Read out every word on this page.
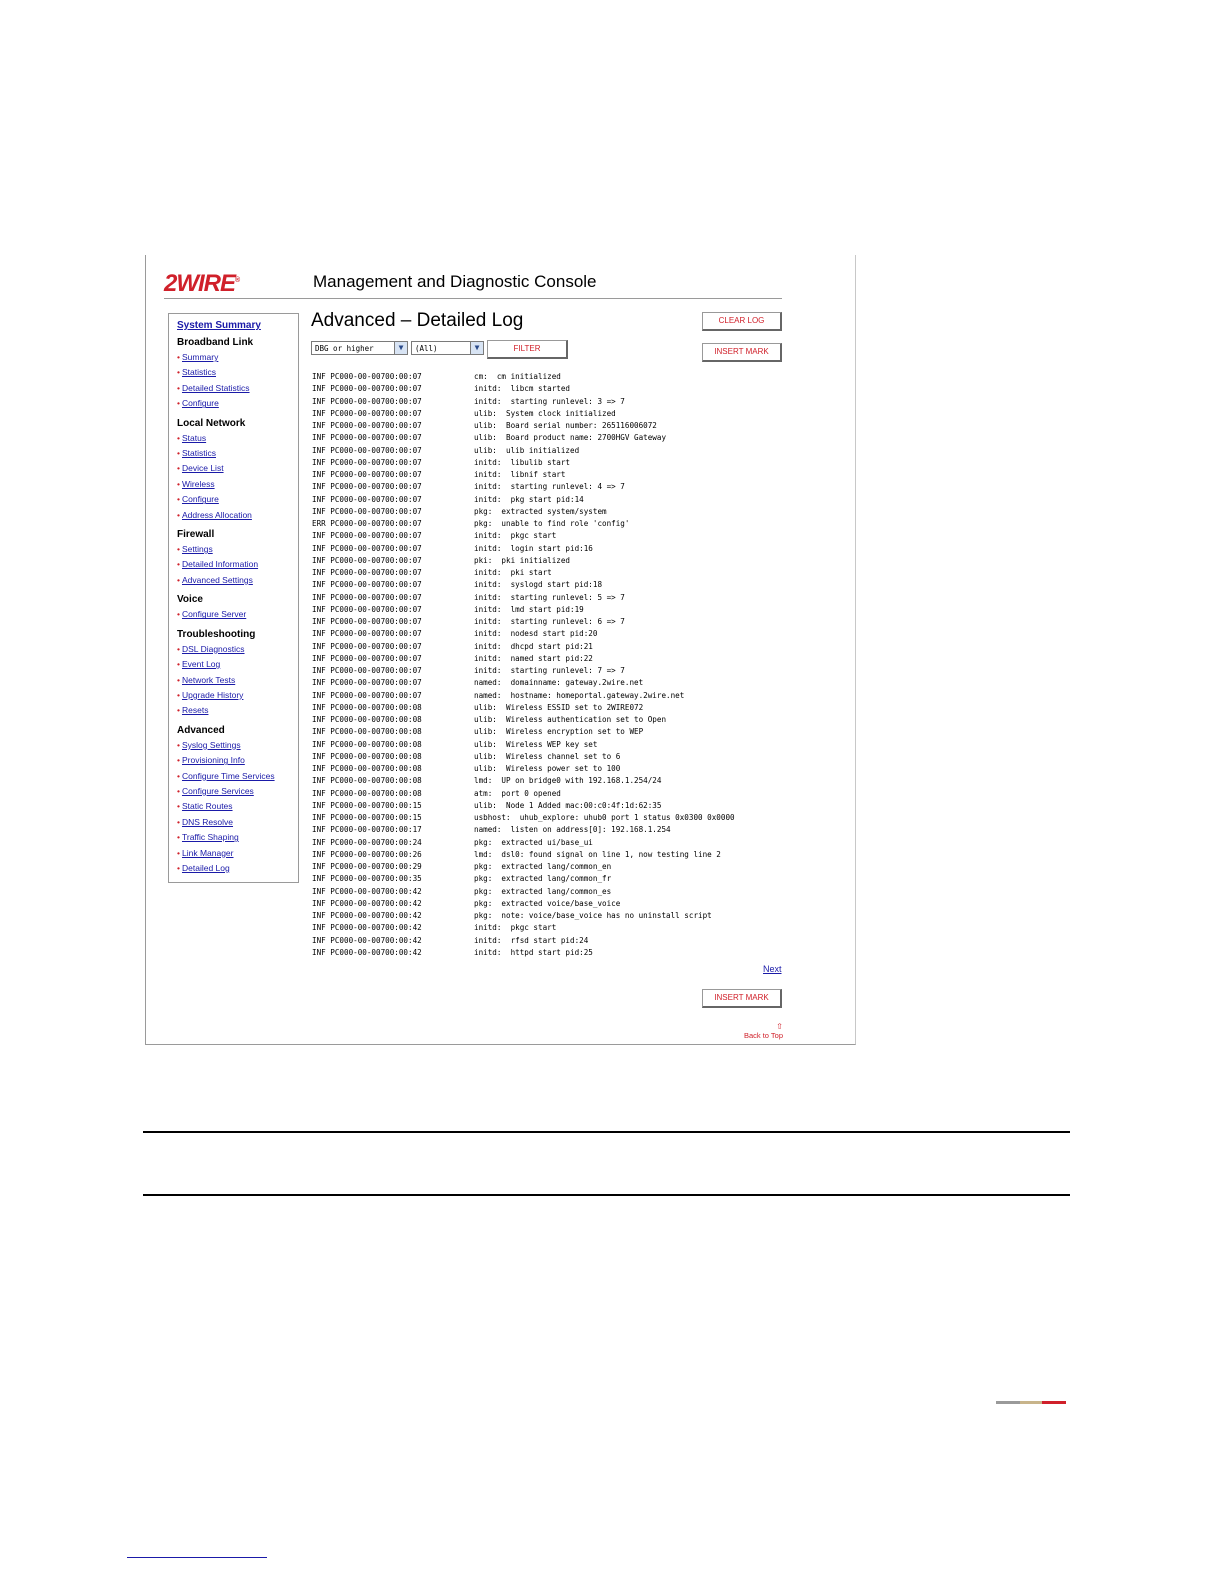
2WIRE®	Management and Diagnostic Console
System Summary
Broadband Link
• Summary
• Statistics
• Detailed Statistics
• Configure
Local Network
• Status
• Statistics
• Device List
• Wireless
• Configure
• Address Allocation
Firewall
• Settings
• Detailed Information
• Advanced Settings
Voice
• Configure Server
Troubleshooting
• DSL Diagnostics
• Event Log
• Network Tests
• Upgrade History
• Resets
Advanced
• Syslog Settings
• Provisioning Info
• Configure Time Services
• Configure Services
• Static Routes
• DNS Resolve
• Traffic Shaping
• Link Manager
• Detailed Log
Advanced – Detailed Log	CLEAR LOG
INSERT MARK
DBG or higher	▼	(All)	▼	FILTER
INF PC000-00-00700:00:07	cm:  cm initialized
INF PC000-00-00700:00:07	initd:  libcm started
INF PC000-00-00700:00:07	initd:  starting runlevel: 3 => 7
INF PC000-00-00700:00:07	ulib:  System clock initialized
INF PC000-00-00700:00:07	ulib:  Board serial number: 265116006072
INF PC000-00-00700:00:07	ulib:  Board product name: 2700HGV Gateway
INF PC000-00-00700:00:07	ulib:  ulib initialized
INF PC000-00-00700:00:07	initd:  libulib start
INF PC000-00-00700:00:07	initd:  libnif start
INF PC000-00-00700:00:07	initd:  starting runlevel: 4 => 7
INF PC000-00-00700:00:07	initd:  pkg start pid:14
INF PC000-00-00700:00:07	pkg:  extracted system/system
ERR PC000-00-00700:00:07	pkg:  unable to find role 'config'
INF PC000-00-00700:00:07	initd:  pkgc start
INF PC000-00-00700:00:07	initd:  login start pid:16
INF PC000-00-00700:00:07	pki:  pki initialized
INF PC000-00-00700:00:07	initd:  pki start
INF PC000-00-00700:00:07	initd:  syslogd start pid:18
INF PC000-00-00700:00:07	initd:  starting runlevel: 5 => 7
INF PC000-00-00700:00:07	initd:  lmd start pid:19
INF PC000-00-00700:00:07	initd:  starting runlevel: 6 => 7
INF PC000-00-00700:00:07	initd:  nodesd start pid:20
INF PC000-00-00700:00:07	initd:  dhcpd start pid:21
INF PC000-00-00700:00:07	initd:  named start pid:22
INF PC000-00-00700:00:07	initd:  starting runlevel: 7 => 7
INF PC000-00-00700:00:07	named:  domainname: gateway.2wire.net
INF PC000-00-00700:00:07	named:  hostname: homeportal.gateway.2wire.net
INF PC000-00-00700:00:08	ulib:  Wireless ESSID set to 2WIRE072
INF PC000-00-00700:00:08	ulib:  Wireless authentication set to Open
INF PC000-00-00700:00:08	ulib:  Wireless encryption set to WEP
INF PC000-00-00700:00:08	ulib:  Wireless WEP key set
INF PC000-00-00700:00:08	ulib:  Wireless channel set to 6
INF PC000-00-00700:00:08	ulib:  Wireless power set to 100
INF PC000-00-00700:00:08	lmd:  UP on bridge0 with 192.168.1.254/24
INF PC000-00-00700:00:08	atm:  port 0 opened
INF PC000-00-00700:00:15	ulib:  Node 1 Added mac:00:c0:4f:1d:62:35
INF PC000-00-00700:00:15	usbhost:  uhub_explore: uhub0 port 1 status 0x0300 0x0000
INF PC000-00-00700:00:17	named:  listen on address[0]: 192.168.1.254
INF PC000-00-00700:00:24	pkg:  extracted ui/base_ui
INF PC000-00-00700:00:26	lmd:  dsl0: found signal on line 1, now testing line 2
INF PC000-00-00700:00:29	pkg:  extracted lang/common_en
INF PC000-00-00700:00:35	pkg:  extracted lang/common_fr
INF PC000-00-00700:00:42	pkg:  extracted lang/common_es
INF PC000-00-00700:00:42	pkg:  extracted voice/base_voice
INF PC000-00-00700:00:42	pkg:  note: voice/base_voice has no uninstall script
INF PC000-00-00700:00:42	initd:  pkgc start
INF PC000-00-00700:00:42	initd:  rfsd start pid:24
INF PC000-00-00700:00:42	initd:  httpd start pid:25
Next
INSERT MARK
⇧
Back to Top
